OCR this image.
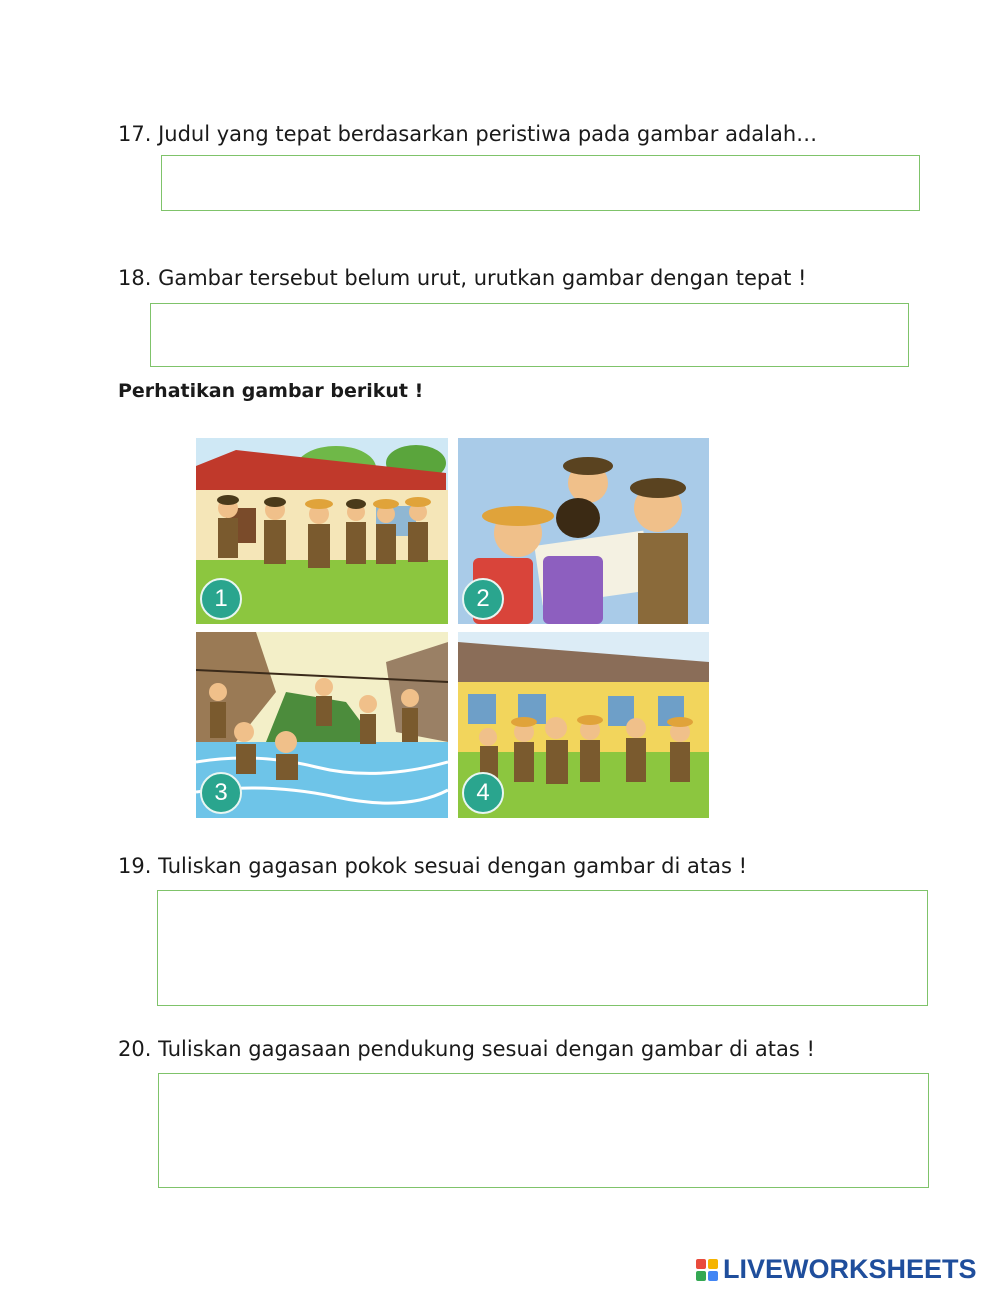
17. Judul yang tepat berdasarkan peristiwa pada gambar adalah…
18. Gambar tersebut belum urut, urutkan gambar dengan tepat !
Perhatikan gambar berikut !
1	2
3	4
19. Tuliskan gagasan pokok sesuai dengan gambar di atas !
20. Tuliskan gagasaan pendukung sesuai dengan gambar di atas !
LIVEWORKSHEETS
